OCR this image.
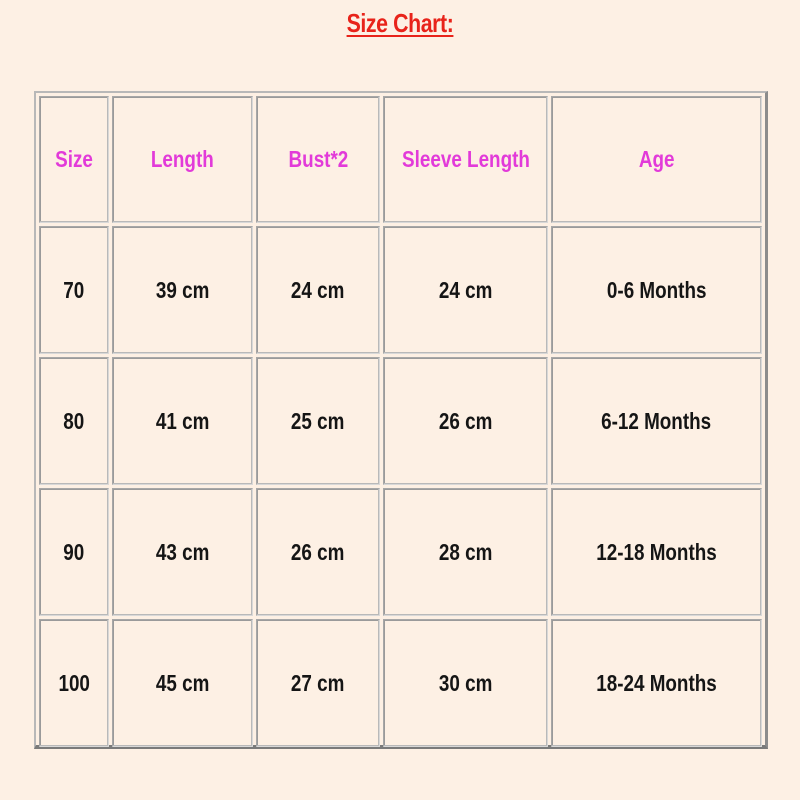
Size Chart:
Size	Length	Bust*2	Sleeve Length	Age
70	39 cm	24 cm	24 cm	0-6 Months
80	41 cm	25 cm	26 cm	6-12 Months
90	43 cm	26 cm	28 cm	12-18 Months
100	45 cm	27 cm	30 cm	18-24 Months
